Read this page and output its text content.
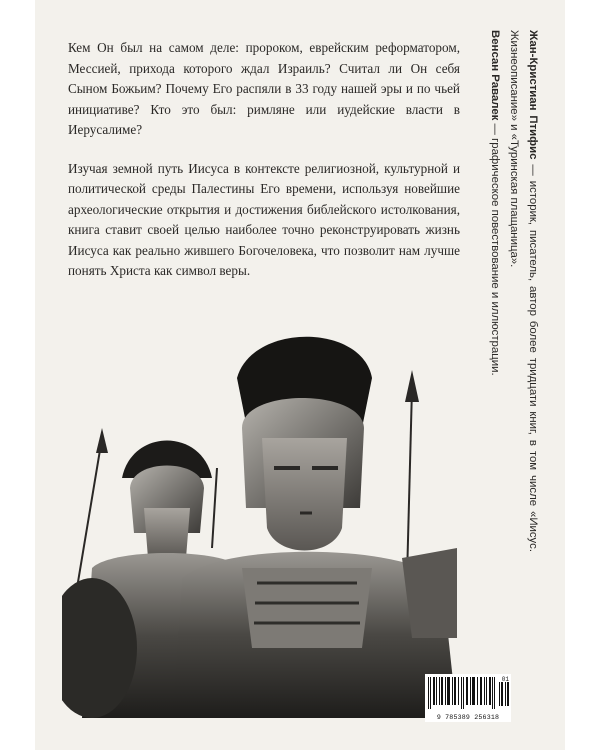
Кем Он был на самом деле: пророком, еврейским реформатором, Мессией, прихода которого ждал Израиль? Считал ли Он себя Сыном Божьим? Почему Его распяли в 33 году нашей эры и по чьей инициативе? Кто это был: римляне или иудейские власти в Иерусалиме?

Изучая земной путь Иисуса в контексте религиозной, культурной и политической среды Палестины Его времени, используя новейшие археологические открытия и достижения библейского истолкования, книга ставит своей целью наиболее точно реконструировать жизнь Иисуса как реально жившего Богочеловека, что позволит нам лучше понять Христа как символ веры.

Жан-Кристиан Птифис — историк, писатель, автор более тридцати книг, в том числе «Иисус. Жизнеописание» и «Туринская плащаница».

Венсан Равалек — графическое повествование и иллюстрации.

01
9 785389 256318
